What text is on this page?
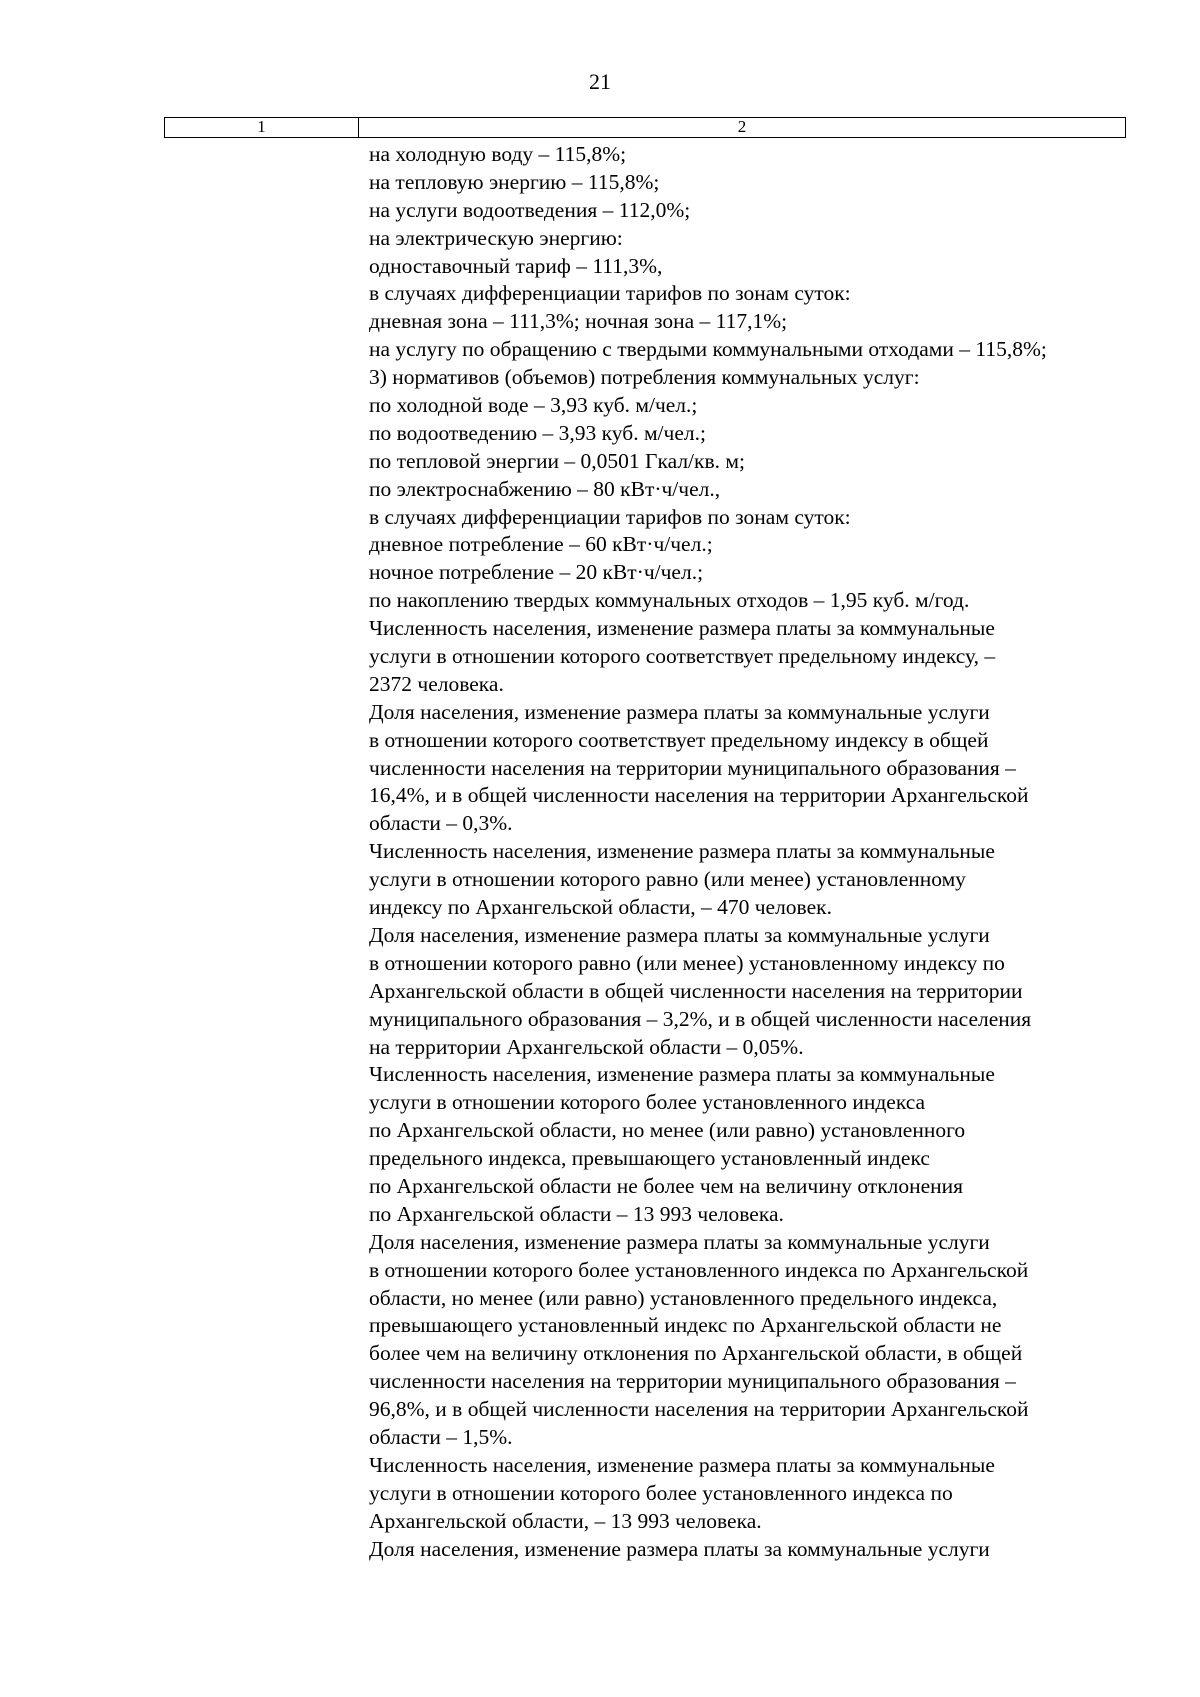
21
1	2
на холодную воду – 115,8%;
на тепловую энергию – 115,8%;
на услуги водоотведения – 112,0%;
на электрическую энергию:
одноставочный тариф – 111,3%,
в случаях дифференциации тарифов по зонам суток:
дневная зона – 111,3%; ночная зона – 117,1%;
на услугу по обращению с твердыми коммунальными отходами – 115,8%;
3) нормативов (объемов) потребления коммунальных услуг:
по холодной воде – 3,93 куб. м/чел.;
по водоотведению – 3,93 куб. м/чел.;
по тепловой энергии – 0,0501 Гкал/кв. м;
по электроснабжению – 80 кВт·ч/чел.,
в случаях дифференциации тарифов по зонам суток:
дневное потребление – 60 кВт·ч/чел.;
ночное потребление – 20 кВт·ч/чел.;
по накоплению твердых коммунальных отходов – 1,95 куб. м/год.
Численность населения, изменение размера платы за коммунальные
услуги в отношении которого соответствует предельному индексу, –
2372 человека.
Доля населения, изменение размера платы за коммунальные услуги
в отношении которого соответствует предельному индексу в общей
численности населения на территории муниципального образования –
16,4%, и в общей численности населения на территории Архангельской
области – 0,3%.
Численность населения, изменение размера платы за коммунальные
услуги в отношении которого равно (или менее) установленному
индексу по Архангельской области, – 470 человек.
Доля населения, изменение размера платы за коммунальные услуги
в отношении которого равно (или менее) установленному индексу по
Архангельской области в общей численности населения на территории
муниципального образования – 3,2%, и в общей численности населения
на территории Архангельской области – 0,05%.
Численность населения, изменение размера платы за коммунальные
услуги в отношении которого более установленного индекса
по Архангельской области, но менее (или равно) установленного
предельного индекса, превышающего установленный индекс
по Архангельской области не более чем на величину отклонения
по Архангельской области – 13 993 человека.
Доля населения, изменение размера платы за коммунальные услуги
в отношении которого более установленного индекса по Архангельской
области, но менее (или равно) установленного предельного индекса,
превышающего установленный индекс по Архангельской области не
более чем на величину отклонения по Архангельской области, в общей
численности населения на территории муниципального образования –
96,8%, и в общей численности населения на территории Архангельской
области – 1,5%.
Численность населения, изменение размера платы за коммунальные
услуги в отношении которого более установленного индекса по
Архангельской области, – 13 993 человека.
Доля населения, изменение размера платы за коммунальные услуги
